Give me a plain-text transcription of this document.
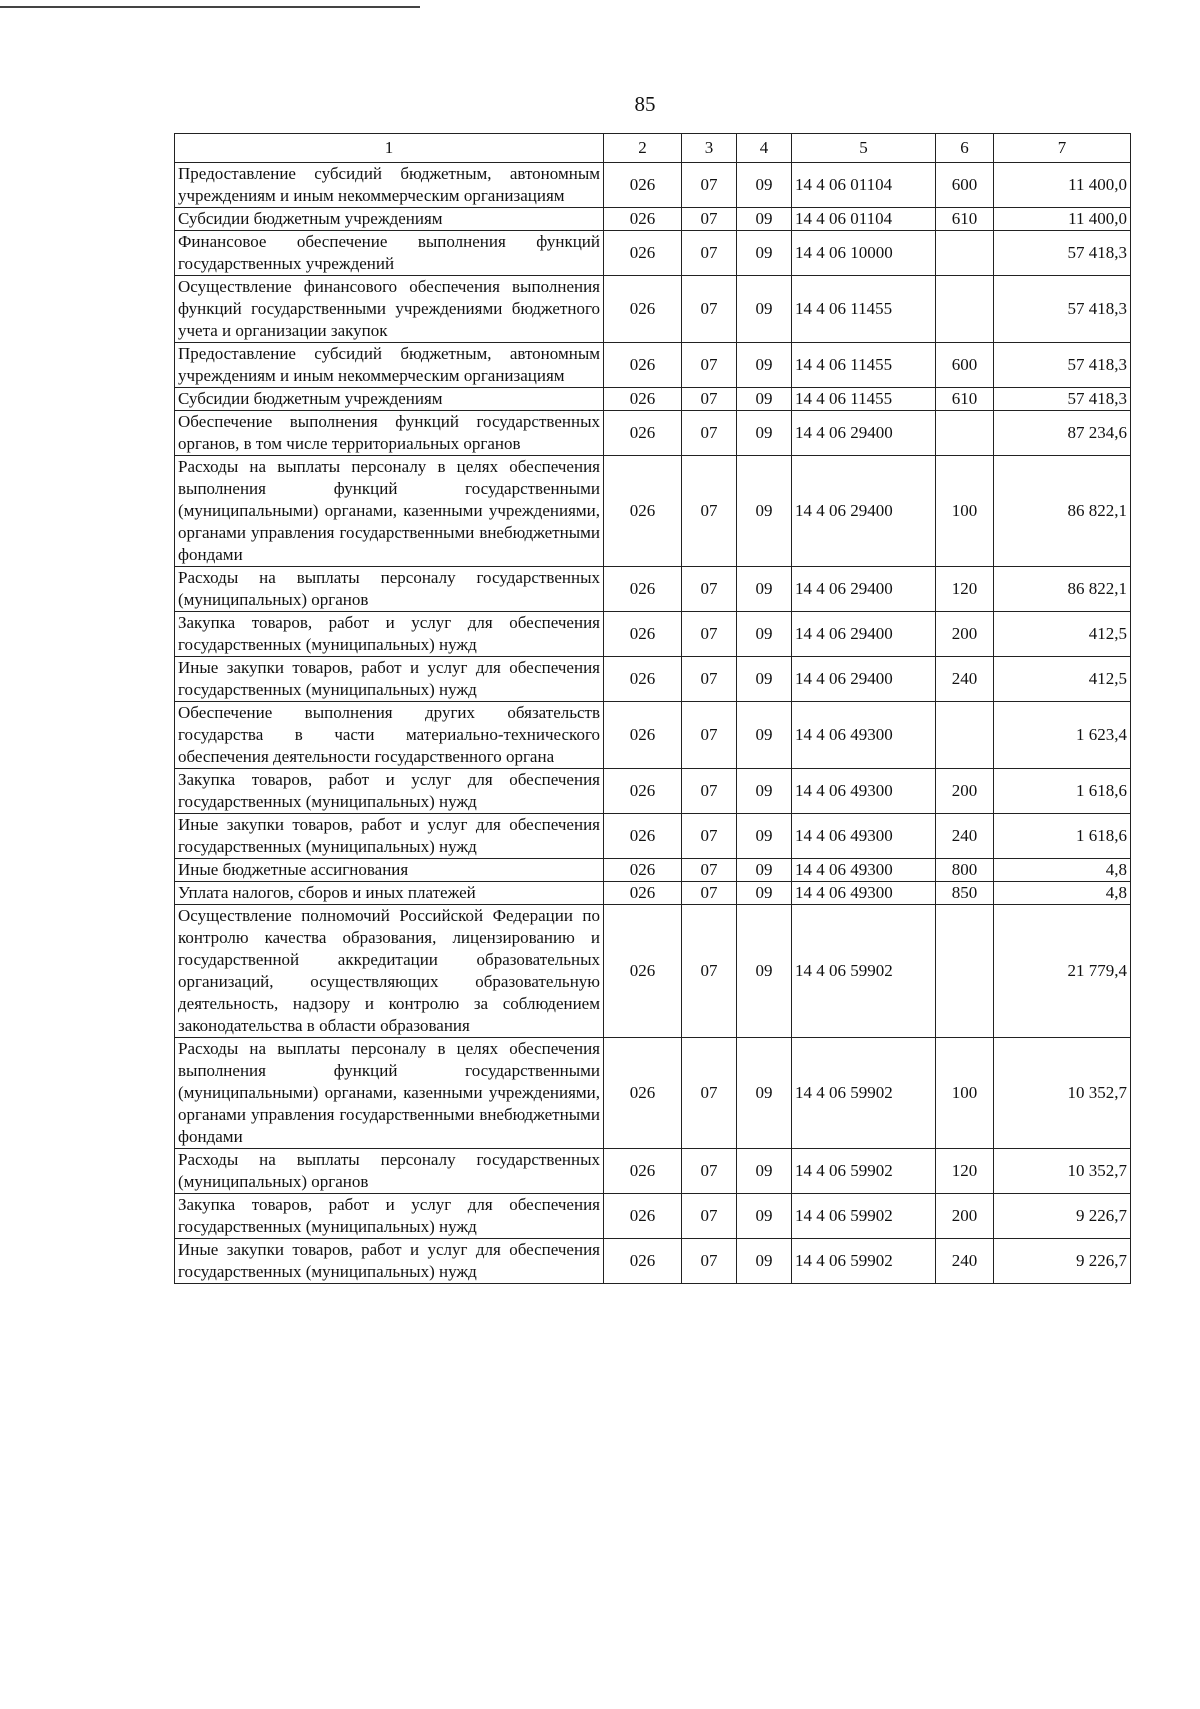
85
1	2	3	4	5	6	7
Предоставление субсидий бюджетным, автономным учреждениям и иным некоммерческим организациям	026	07	09	14 4 06 01104	600	11 400,0
Субсидии бюджетным учреждениям	026	07	09	14 4 06 01104	610	11 400,0
Финансовое обеспечение выполнения функций государственных учреждений	026	07	09	14 4 06 10000		57 418,3
Осуществление финансового обеспечения выполнения функций государственными учреждениями бюджетного учета и организации закупок	026	07	09	14 4 06 11455		57 418,3
Предоставление субсидий бюджетным, автономным учреждениям и иным некоммерческим организациям	026	07	09	14 4 06 11455	600	57 418,3
Субсидии бюджетным учреждениям	026	07	09	14 4 06 11455	610	57 418,3
Обеспечение выполнения функций государственных органов, в том числе территориальных органов	026	07	09	14 4 06 29400		87 234,6
Расходы на выплаты персоналу в целях обеспечения выполнения функций государственными (муниципальными) органами, казенными учреждениями, органами управления государственными внебюджетными фондами	026	07	09	14 4 06 29400	100	86 822,1
Расходы на выплаты персоналу государственных (муниципальных) органов	026	07	09	14 4 06 29400	120	86 822,1
Закупка товаров, работ и услуг для обеспечения государственных (муниципальных) нужд	026	07	09	14 4 06 29400	200	412,5
Иные закупки товаров, работ и услуг для обеспечения государственных (муниципальных) нужд	026	07	09	14 4 06 29400	240	412,5
Обеспечение выполнения других обязательств государства в части материально-технического обеспечения деятельности государственного органа	026	07	09	14 4 06 49300		1 623,4
Закупка товаров, работ и услуг для обеспечения государственных (муниципальных) нужд	026	07	09	14 4 06 49300	200	1 618,6
Иные закупки товаров, работ и услуг для обеспечения государственных (муниципальных) нужд	026	07	09	14 4 06 49300	240	1 618,6
Иные бюджетные ассигнования	026	07	09	14 4 06 49300	800	4,8
Уплата налогов, сборов и иных платежей	026	07	09	14 4 06 49300	850	4,8
Осуществление полномочий Российской Федерации по контролю качества образования, лицензированию и государственной аккредитации образовательных организаций, осуществляющих образовательную деятельность, надзору и контролю за соблюдением законодательства в области образования	026	07	09	14 4 06 59902		21 779,4
Расходы на выплаты персоналу в целях обеспечения выполнения функций государственными (муниципальными) органами, казенными учреждениями, органами управления государственными внебюджетными фондами	026	07	09	14 4 06 59902	100	10 352,7
Расходы на выплаты персоналу государственных (муниципальных) органов	026	07	09	14 4 06 59902	120	10 352,7
Закупка товаров, работ и услуг для обеспечения государственных (муниципальных) нужд	026	07	09	14 4 06 59902	200	9 226,7
Иные закупки товаров, работ и услуг для обеспечения государственных (муниципальных) нужд	026	07	09	14 4 06 59902	240	9 226,7
